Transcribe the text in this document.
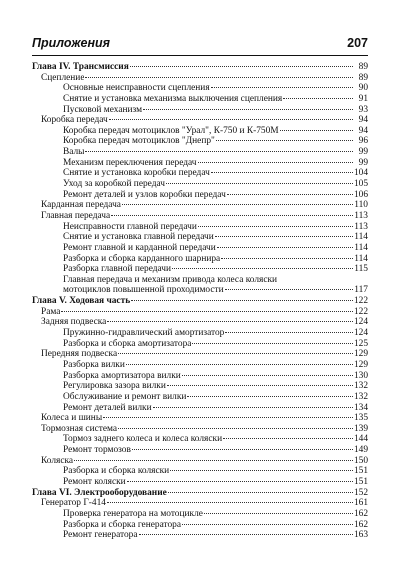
Приложения	207
Глава IV. Трансмиссия	89
Сцепление	89
Основные неисправности сцепления	90
Снятие и установка механизма выключения сцепления	91
Пусковой механизм	93
Коробка передач	94
Коробка передач мотоциклов "Урал", К-750 и К-750М	94
Коробка передач мотоциклов "Днепр"	96
Валы	99
Механизм переключения передач	99
Снятие и установка коробки передач	104
Уход за коробкой передач	105
Ремонт деталей и узлов коробки передач	106
Карданная передача	110
Главная передача	113
Неисправности главной передачи	113
Снятие и установка главной передачи	114
Ремонт главной и карданной передачи	114
Разборка и сборка карданного шарнира	114
Разборка главной передачи	115
Главная передача и механизм привода колеса коляски
мотоциклов повышенной проходимости	117
Глава V. Ходовая часть	122
Рама	122
Задняя подвеска	124
Пружинно-гидравлический амортизатор	124
Разборка и сборка амортизатора	125
Передняя подвеска	129
Разборка вилки	129
Разборка амортизатора вилки	130
Регулировка зазора вилки	132
Обслуживание и ремонт вилки	132
Ремонт деталей вилки	134
Колеса и шины	135
Тормозная система	139
Тормоз заднего колеса и колеса коляски	144
Ремонт тормозов	149
Коляска	150
Разборка и сборка коляски	151
Ремонт коляски	151
Глава VI. Электрооборудование	152
Генератор Г-414	161
Проверка генератора на мотоцикле	162
Разборка и сборка генератора	162
Ремонт генератора	163
